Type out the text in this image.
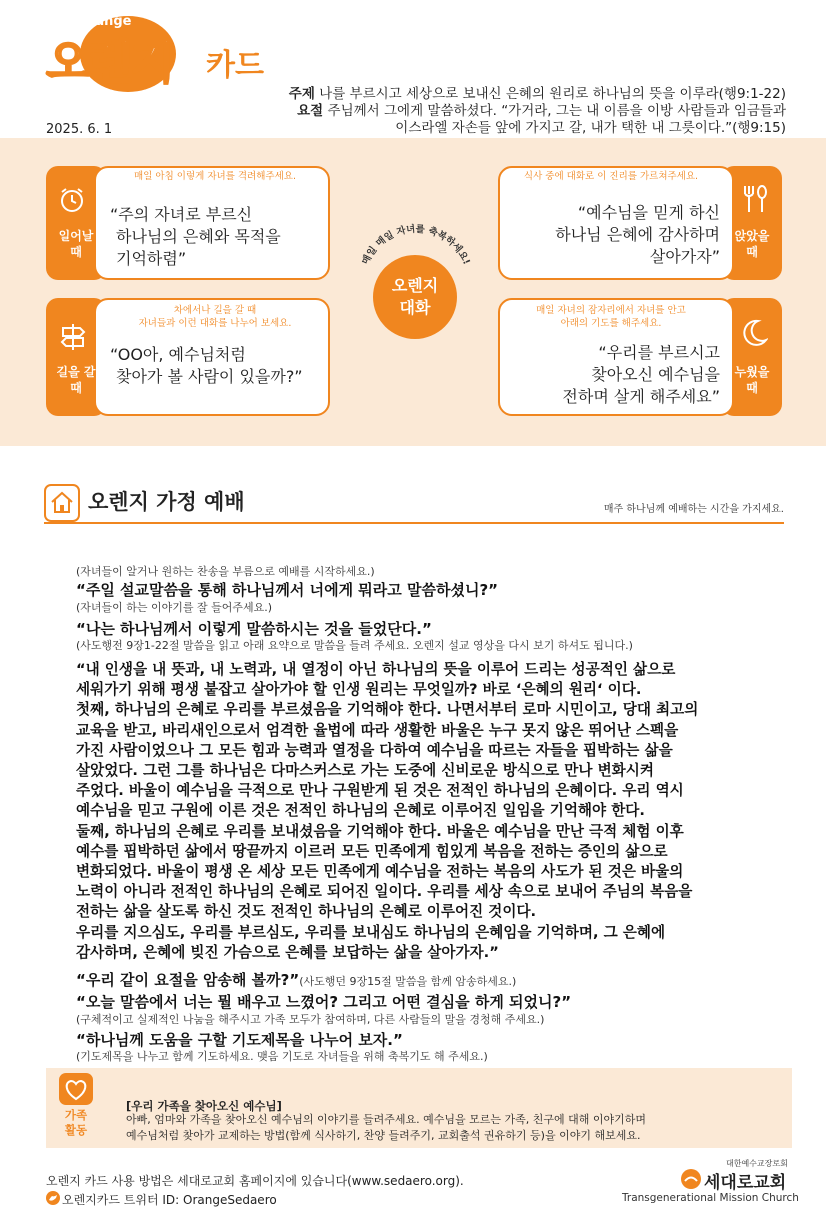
orange
오렌지 카드
주제 나를 부르시고 세상으로 보내신 은혜의 원리로 하나님의 뜻을 이루라(행9:1-22)
요절 주님께서 그에게 말씀하셨다. “가거라, 그는 내 이름을 이방 사람들과 임금들과
이스라엘 자손들 앞에 가지고 갈, 내가 택한 내 그릇이다.”(행9:15)
2025. 6. 1
일어날
때
매일 아침 이렇게 자녀를 격려해주세요.
“주의 자녀로 부르신
하나님의 은혜와 목적을
기억하렴”
앉았을
때
식사 중에 대화로 이 진리를 가르쳐주세요.
“예수님을 믿게 하신
하나님 은혜에 감사하며
살아가자”
길을 갈
때
차에서나 길을 갈 때
자녀들과 이런 대화를 나누어 보세요.
“OO아, 예수님처럼
찾아가 볼 사람이 있을까?”	누웠을
때
매일 자녀의 잠자리에서 자녀를 안고
아래의 기도를 해주세요.
“우리를 부르시고
찾아오신 예수님을
전하며 살게 해주세요”
매일 매일 자녀를 축복하세요!
오렌지
대화
오렌지 가정 예배	매주 하나님께 예배하는 시간을 가지세요.
(자녀들이 알거나 원하는 찬송을 부름으로 예배를 시작하세요.)
“주일 설교말씀을 통해 하나님께서 너에게 뭐라고 말씀하셨니?”
(자녀들이 하는 이야기를 잘 들어주세요.)
“나는 하나님께서 이렇게 말씀하시는 것을 들었단다.”
(사도행전 9장1-22절 말씀을 읽고 아래 요약으로 말씀을 들려 주세요. 오렌지 설교 영상을 다시 보기 하셔도 됩니다.)
“내 인생을 내 뜻과, 내 노력과, 내 열정이 아닌 하나님의 뜻을 이루어 드리는 성공적인 삶으로
세워가기 위해 평생 붙잡고 살아가야 할 인생 원리는 무엇일까? 바로 ‘은혜의 원리‘ 이다.
첫째, 하나님의 은혜로 우리를 부르셨음을 기억해야 한다. 나면서부터 로마 시민이고, 당대 최고의
교육을 받고, 바리새인으로서 엄격한 율법에 따라 생활한 바울은 누구 못지 않은 뛰어난 스펙을
가진 사람이었으나 그 모든 힘과 능력과 열정을 다하여 예수님을 따르는 자들을 핍박하는 삶을
살았었다. 그런 그를 하나님은 다마스커스로 가는 도중에 신비로운 방식으로 만나 변화시켜
주었다. 바울이 예수님을 극적으로 만나 구원받게 된 것은 전적인 하나님의 은혜이다. 우리 역시
예수님을 믿고 구원에 이른 것은 전적인 하나님의 은혜로 이루어진 일임을 기억해야 한다.
둘째, 하나님의 은혜로 우리를 보내셨음을 기억해야 한다. 바울은 예수님을 만난 극적 체험 이후
예수를 핍박하던 삶에서 땅끝까지 이르러 모든 민족에게 힘있게 복음을 전하는 증인의 삶으로
변화되었다. 바울이 평생 온 세상 모든 민족에게 예수님을 전하는 복음의 사도가 된 것은 바울의
노력이 아니라 전적인 하나님의 은혜로 되어진 일이다. 우리를 세상 속으로 보내어 주님의 복음을
전하는 삶을 살도록 하신 것도 전적인 하나님의 은혜로 이루어진 것이다.
우리를 지으심도, 우리를 부르심도, 우리를 보내심도 하나님의 은혜임을 기억하며, 그 은혜에
감사하며, 은혜에 빚진 가슴으로 은혜를 보답하는 삶을 살아가자.”
“우리 같이 요절을 암송해 볼까?”(사도행던 9장15절 말씀을 함께 암송하세요.)
“오늘 말씀에서 너는 뭘 배우고 느꼈어? 그리고 어떤 결심을 하게 되었니?”
(구체적이고 실제적인 나눔을 해주시고 가족 모두가 참여하며, 다른 사람들의 말을 경청해 주세요.)
“하나님께 도움을 구할 기도제목을 나누어 보자.”
(기도제목을 나누고 함께 기도하세요. 맺음 기도로 자녀들을 위해 축복기도 해 주세요.)
가족
활동
[우리 가족을 찾아오신 예수님]
아빠, 엄마와 가족을 찾아오신 예수님의 이야기를 들려주세요. 예수님을 모르는 가족, 친구에 대해 이야기하며
예수님처럼 찾아가 교제하는 방법(함께 식사하기, 찬양 들려주기, 교회출석 권유하기 등)을 이야기 해보세요.
오렌지 카드 사용 방법은 세대로교회 홈페이지에 있습니다(www.sedaero.org).
오렌지카드 트위터 ID: OrangeSedaero
대한예수교장로회
세대로교회
Transgenerational Mission Church
